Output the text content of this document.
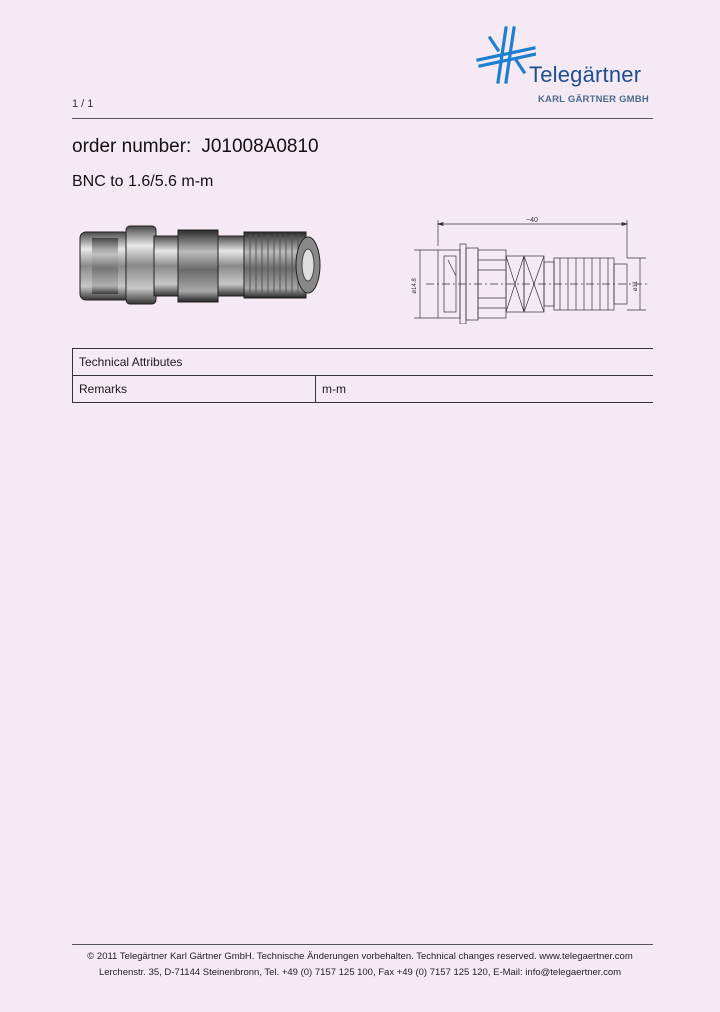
Telegärtner
KARL GÄRTNER GMBH
1 / 1
order number: J01008A0810
BNC to 1.6/5.6 m-m
~40
ø14.8	ø11
Technical Attributes
Remarks	m-m
© 2011 Telegärtner Karl Gärtner GmbH. Technische Änderungen vorbehalten. Technical changes reserved. www.telegaertner.com
Lerchenstr. 35, D-71144 Steinenbronn, Tel. +49 (0) 7157 125 100, Fax +49 (0) 7157 125 120, E-Mail: info@telegaertner.com
